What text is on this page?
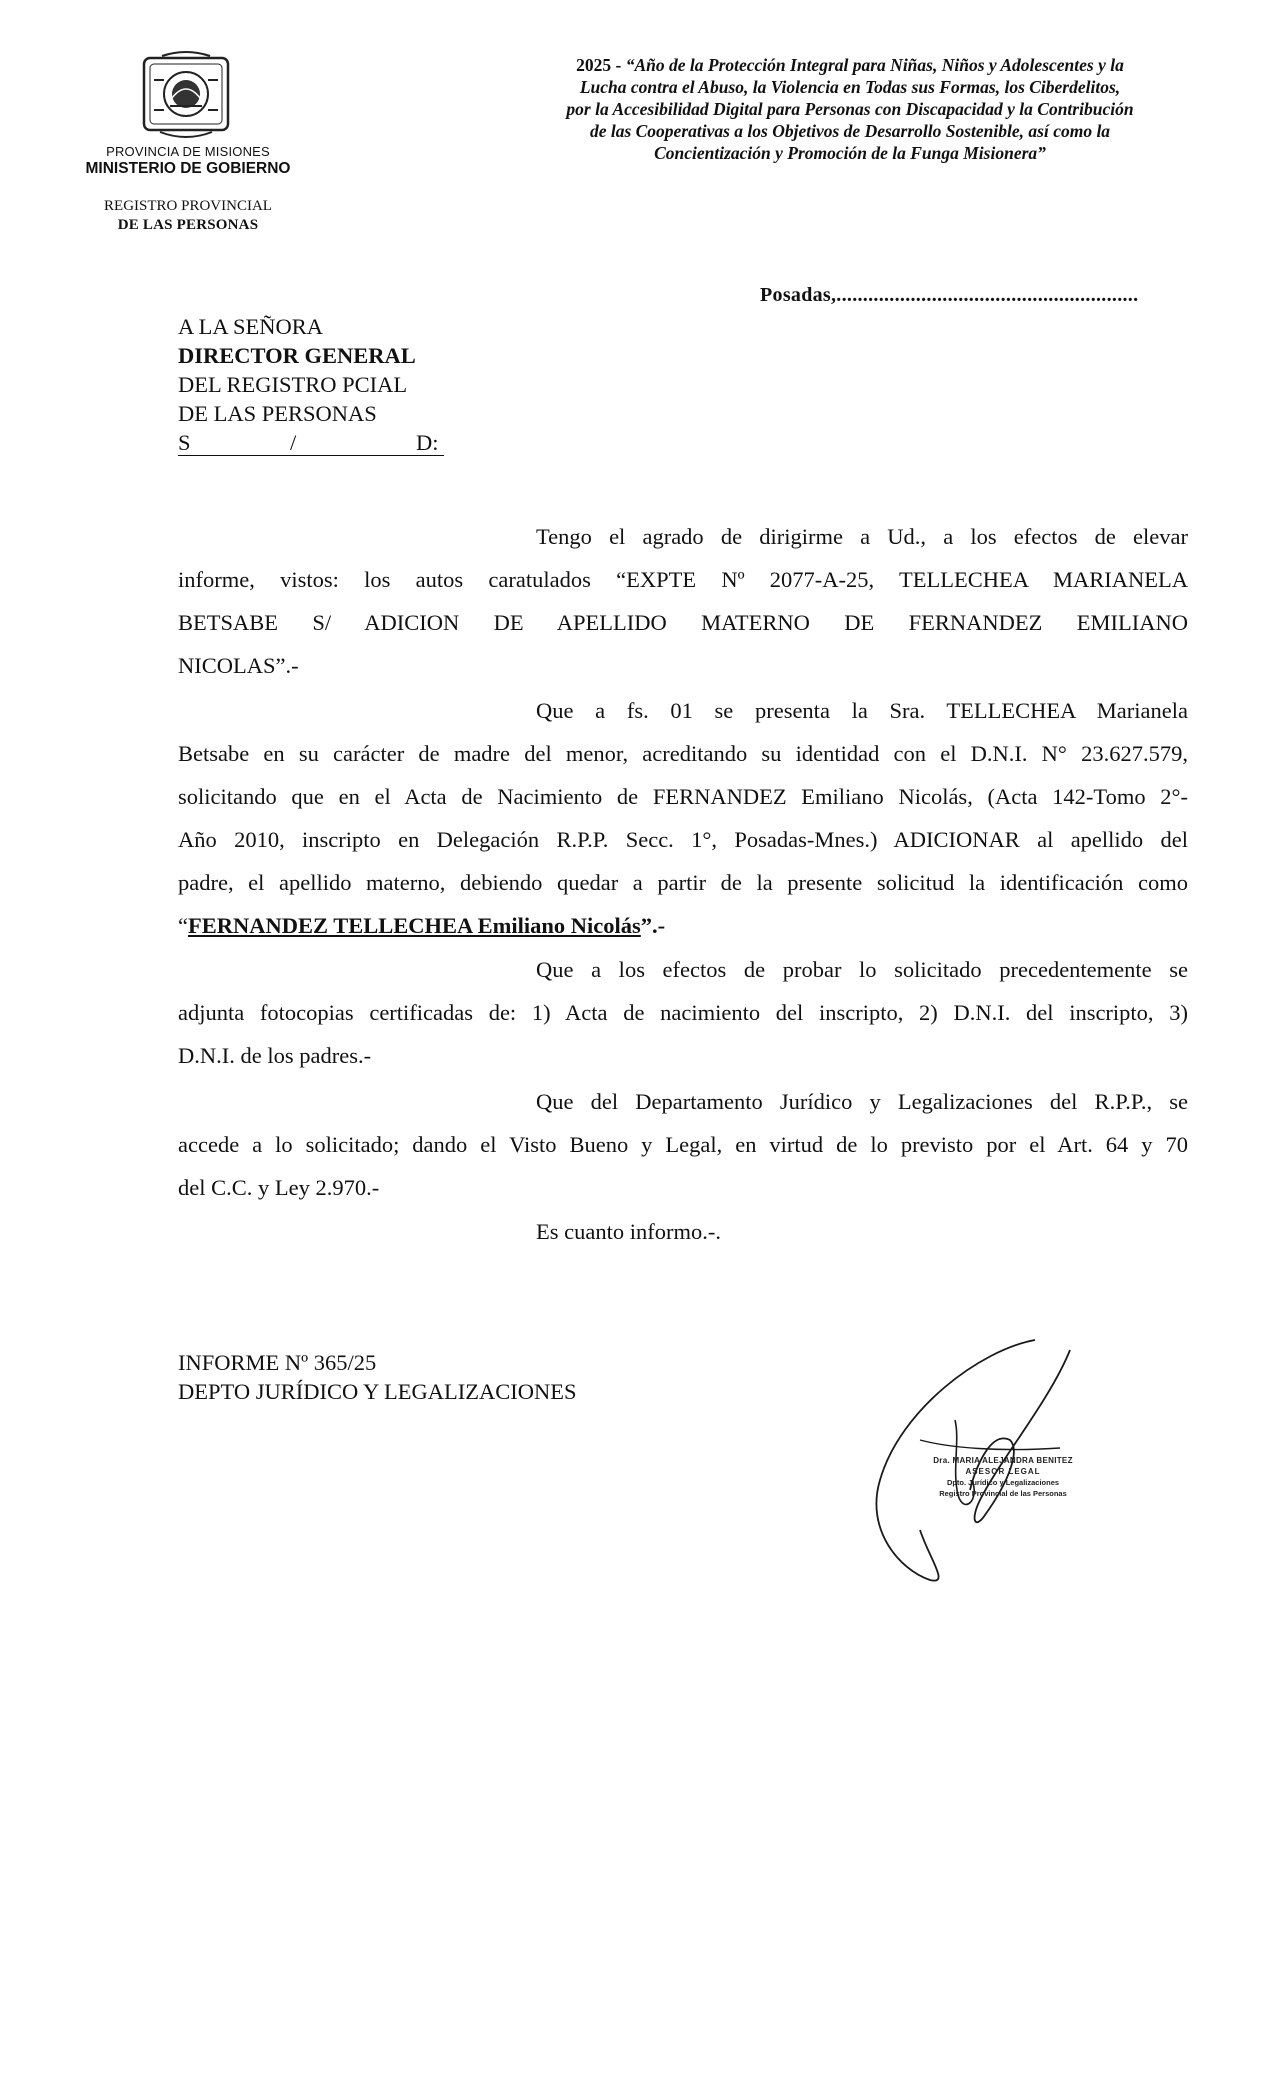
PROVINCIA DE MISIONES
MINISTERIO DE GOBIERNO
REGISTRO PROVINCIAL
DE LAS PERSONAS
2025 - “Año de la Protección Integral para Niñas, Niños y Adolescentes y la
Lucha contra el Abuso, la Violencia en Todas sus Formas, los Ciberdelitos,
por la Accesibilidad Digital para Personas con Discapacidad y la Contribución
de las Cooperativas a los Objetivos de Desarrollo Sostenible, así como la
Concientización y Promoción de la Funga Misionera”
Posadas,.........................................................
A LA SEÑORA
DIRECTOR GENERAL
DEL REGISTRO PCIAL
DE LAS PERSONAS
S	/	D:
Tengo el agrado de dirigirme a Ud., a los efectos de elevar
informe, vistos: los autos caratulados “EXPTE Nº 2077-A-25, TELLECHEA MARIANELA
BETSABE S/ ADICION DE APELLIDO MATERNO DE FERNANDEZ EMILIANO
NICOLAS”.-
Que a fs. 01 se presenta la Sra. TELLECHEA Marianela
Betsabe en su carácter de madre del menor, acreditando su identidad con el D.N.I. N° 23.627.579,
solicitando que en el Acta de Nacimiento de FERNANDEZ Emiliano Nicolás, (Acta 142-Tomo 2°-
Año 2010, inscripto en Delegación R.P.P. Secc. 1°, Posadas-Mnes.) ADICIONAR al apellido del
padre, el apellido materno, debiendo quedar a partir de la presente solicitud la identificación como
“FERNANDEZ TELLECHEA Emiliano Nicolás”.-
Que a los efectos de probar lo solicitado precedentemente se
adjunta fotocopias certificadas de: 1) Acta de nacimiento del inscripto, 2) D.N.I. del inscripto, 3)
D.N.I. de los padres.-
Que del Departamento Jurídico y Legalizaciones del R.P.P., se
accede a lo solicitado; dando el Visto Bueno y Legal, en virtud de lo previsto por el Art. 64 y 70
del C.C. y Ley 2.970.-
Es cuanto informo.-.
INFORME Nº 365/25
DEPTO JURÍDICO Y LEGALIZACIONES
Dra. MARIA ALEJANDRA BENITEZ
ASESOR LEGAL
Dpto. Jurídico y Legalizaciones
Registro Provincial de las Personas
